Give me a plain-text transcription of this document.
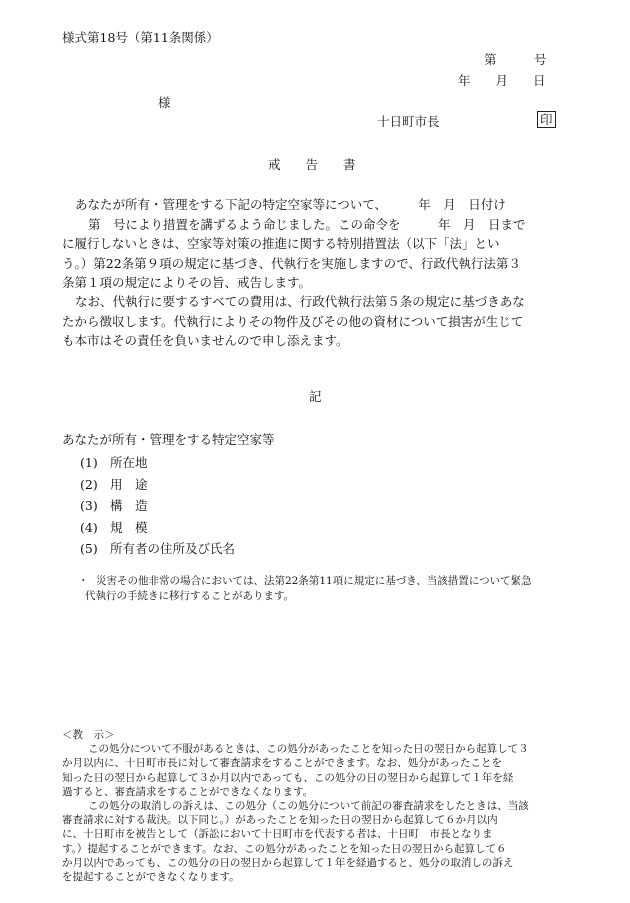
様式第18号（第11条関係）
第　　　号
年　　月　　日
様
十日町市長	印
戒　　告　　書

あなたが所有・管理をする下記の特定空家等について、　　　年　月　日付け

第　号により措置を講ずるよう命じました。この命令を　　　年　月　日まで

に履行しないときは、空家等対策の推進に関する特別措置法（以下「法」とい

う。）第22条第９項の規定に基づき、代執行を実施しますので、行政代執行法第３

条第１項の規定によりその旨、戒告します。

なお、代執行に要するすべての費用は、行政代執行法第５条の規定に基づきあな

たから徴収します。代執行によりその物件及びその他の資材について損害が生じて

も本市はその責任を負いませんので申し添えます。

記
あなたが所有・管理をする特定空家等
(1) 所在地
(2) 用　途
(3) 構　造
(4) 規　模
(5) 所有者の住所及び氏名
・ 災害その他非常の場合においては、法第22条第11項に規定に基づき、当該措置について緊急
代執行の手続きに移行することがあります。

＜教　示＞

この処分について不服があるときは、この処分があったことを知った日の翌日から起算して３

か月以内に、十日町市長に対して審査請求をすることができます。なお、処分があったことを

知った日の翌日から起算して３か月以内であっても、この処分の日の翌日から起算して１年を経

過すると、審査請求をすることができなくなります。

この処分の取消しの訴えは、この処分（この処分について前記の審査請求をしたときは、当該

審査請求に対する裁決。以下同じ。）があったことを知った日の翌日から起算して６か月以内

に、十日町市を被告として（訴訟において十日町市を代表する者は、十日町　市長となりま

す。）提起することができます。なお、この処分があったことを知った日の翌日から起算して６

か月以内であっても、この処分の日の翌日から起算して１年を経過すると、処分の取消しの訴え

を提起することができなくなります。
